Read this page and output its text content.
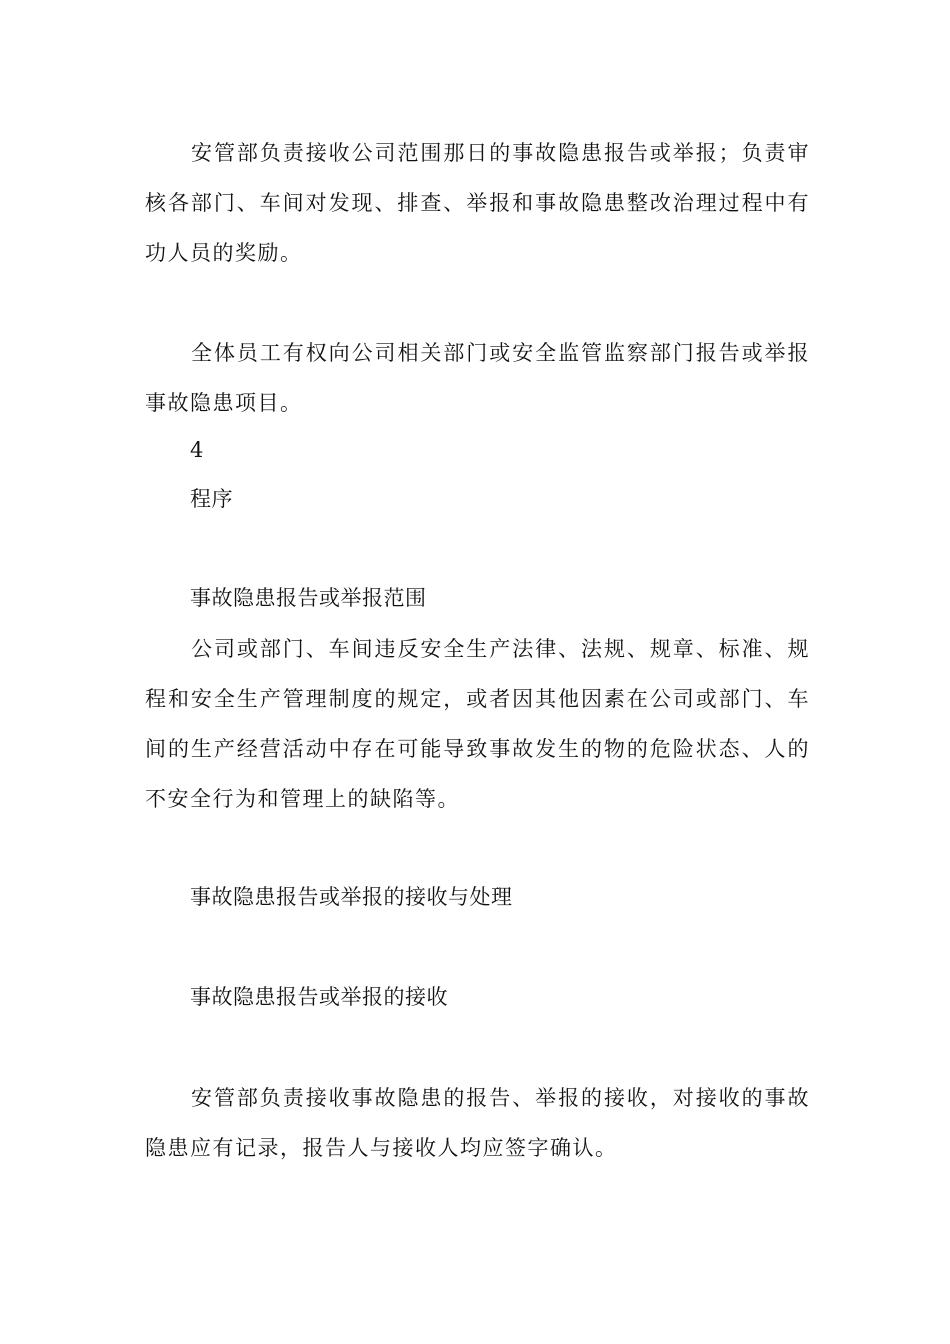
安管部负责接收公司范围那日的事故隐患报告或举报；负责审核各部门、车间对发现、排查、举报和事故隐患整改治理过程中有功人员的奖励。

全体员工有权向公司相关部门或安全监管监察部门报告或举报事故隐患项目。

4
程序
事故隐患报告或举报范围

公司或部门、车间违反安全生产法律、法规、规章、标准、规程和安全生产管理制度的规定，或者因其他因素在公司或部门、车间的生产经营活动中存在可能导致事故发生的物的危险状态、人的不安全行为和管理上的缺陷等。

事故隐患报告或举报的接收与处理
事故隐患报告或举报的接收

安管部负责接收事故隐患的报告、举报的接收，对接收的事故隐患应有记录，报告人与接收人均应签字确认。
